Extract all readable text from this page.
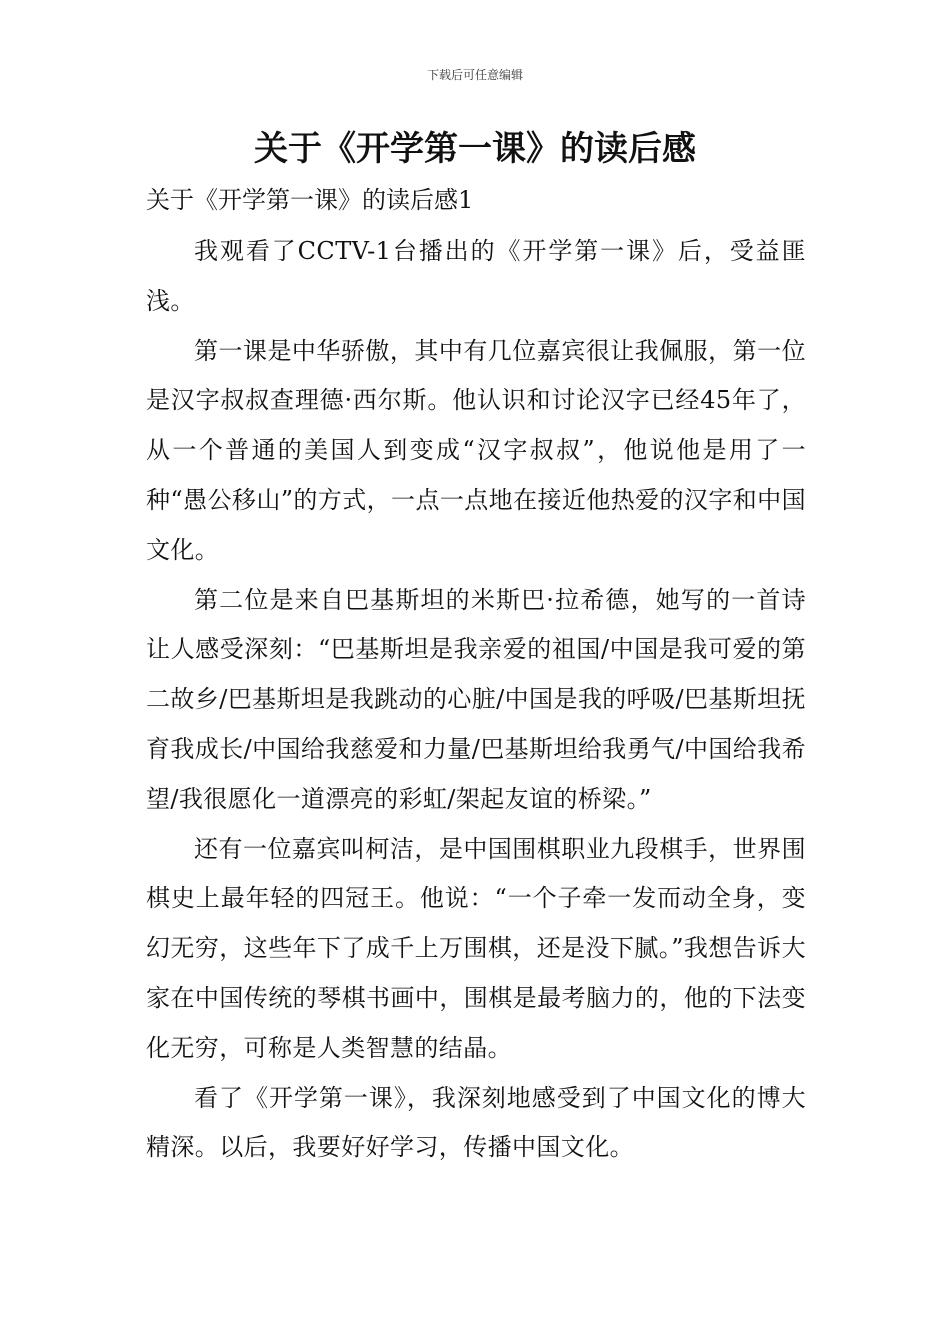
下载后可任意编辑
关于《开学第一课》的读后感

关于《开学第一课》的读后感1

我观看了CCTV-1台播出的《开学第一课》后，受益匪浅。

第一课是中华骄傲，其中有几位嘉宾很让我佩服，第一位是汉字叔叔查理德·西尔斯。他认识和讨论汉字已经45年了，从一个普通的美国人到变成“汉字叔叔”，他说他是用了一种“愚公移山”的方式，一点一点地在接近他热爱的汉字和中国文化。

第二位是来自巴基斯坦的米斯巴·拉希德，她写的一首诗让人感受深刻：“巴基斯坦是我亲爱的祖国/中国是我可爱的第二故乡/巴基斯坦是我跳动的心脏/中国是我的呼吸/巴基斯坦抚育我成长/中国给我慈爱和力量/巴基斯坦给我勇气/中国给我希望/我很愿化一道漂亮的彩虹/架起友谊的桥梁。”

还有一位嘉宾叫柯洁，是中国围棋职业九段棋手，世界围棋史上最年轻的四冠王。他说：“一个子牵一发而动全身，变幻无穷，这些年下了成千上万围棋，还是没下腻。”我想告诉大家在中国传统的琴棋书画中，围棋是最考脑力的，他的下法变化无穷，可称是人类智慧的结晶。

看了《开学第一课》，我深刻地感受到了中国文化的博大精深。以后，我要好好学习，传播中国文化。
